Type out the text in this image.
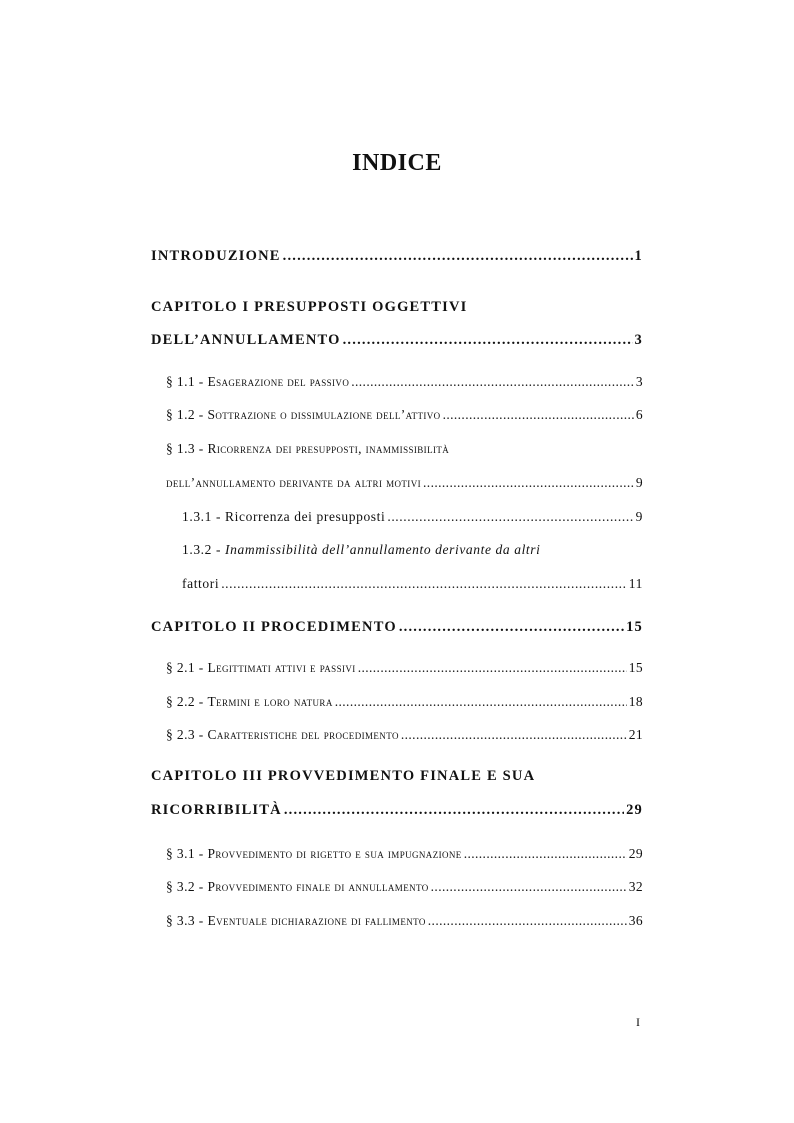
INDICE
INTRODUZIONE .....	1
CAPITOLO I PRESUPPOSTI OGGETTIVI
DELL’ANNULLAMENTO .....	3
§ 1.1 - Esagerazione del passivo .....	3
§ 1.2 - Sottrazione o dissimulazione dell’attivo .....	6
§ 1.3 - Ricorrenza dei presupposti, inammissibilità
dell’annullamento derivante da altri motivi .....	9
1.3.1 - Ricorrenza dei presupposti .....	9
1.3.2 - Inammissibilità dell’annullamento derivante da altri
fattori .....	11
CAPITOLO II PROCEDIMENTO .....	15
§ 2.1 - Legittimati attivi e passivi .....	15
§ 2.2 - Termini e loro natura .....	18
§ 2.3 - Caratteristiche del procedimento .....	21
CAPITOLO III PROVVEDIMENTO FINALE E SUA
RICORRIBILITÀ .....	29
§ 3.1 - Provvedimento di rigetto e sua impugnazione .....	29
§ 3.2 - Provvedimento finale di annullamento .....	32
§ 3.3 - Eventuale dichiarazione di fallimento .....	36
I
